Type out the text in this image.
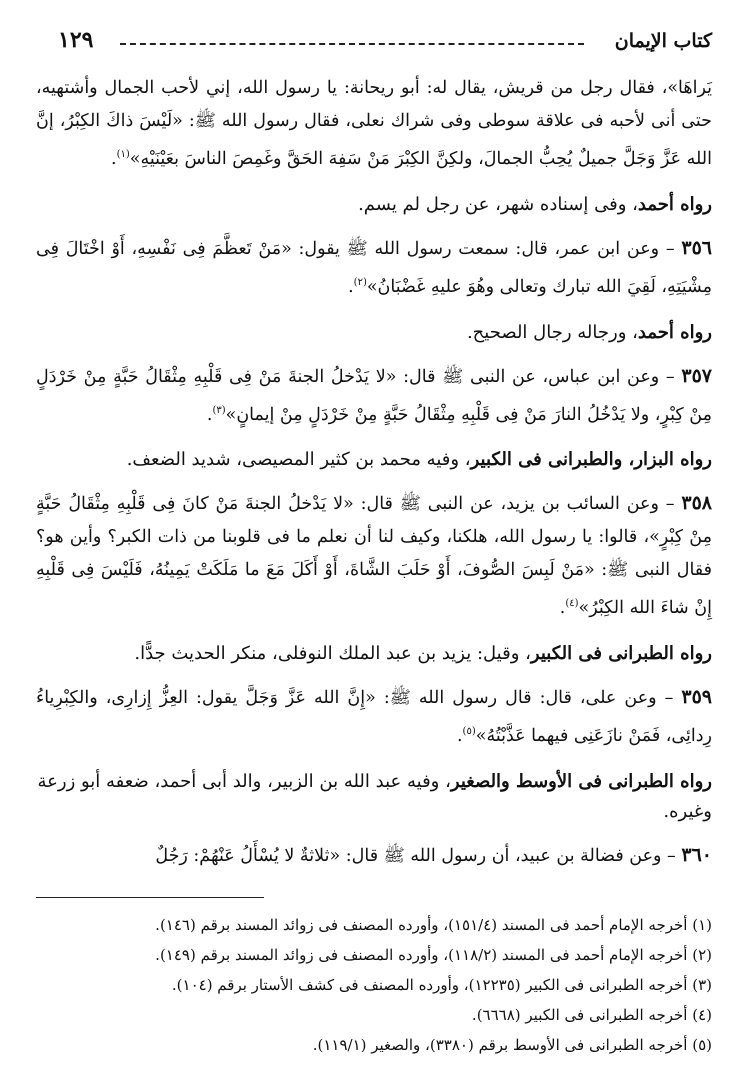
كتاب الإيمان
١٢٩

يَراهَا»، فقال رجل من قريش، يقال له: أبو ريحانة: يا رسول الله، إني لأحب الجمال وأشتهيه، حتى أنى لأحبه فى علاقة سوطى وفى شراك نعلى، فقال رسول الله ﷺ: «لَيْسَ ذاكَ الكِبْرُ، إنَّ الله عَزَّ وَجَلَّ جميلٌ يُحِبُّ الجمالَ، ولكِنَّ الكِبْرَ مَنْ سَفِهَ الحَقَّ وغَمِصَ الناسَ بعَيْنَيْهِ»$^{(١)}$.

رواه أحمد، وفى إسناده شهر، عن رجل لم يسم.

٣٥٦ – وعن ابن عمر، قال: سمعت رسول الله ﷺ يقول: «مَنْ تَعظَّمَ فِى نَفْسِهِ، أَوْ اخْتَالَ فِى مِشْيَتِهِ، لَقِيَ الله تبارك وتعالى وهُوَ عليهِ غَضْبَانُ»$^{(٢)}$.

رواه أحمد، ورجاله رجال الصحيح.

٣٥٧ – وعن ابن عباس، عن النبى ﷺ قال: «لا يَدْخلُ الجنةَ مَنْ فِى قَلْبِهِ مِثْقَالُ حَبَّةٍ مِنْ خَرْدَلٍ مِنْ كِبْرٍ، ولا يَدْخُلُ النارَ مَنْ فِى قَلْبِهِ مِثْقَالُ حَبَّةٍ مِنْ خَرْدَلٍ مِنْ إيمانٍ»$^{(٣)}$.

رواه البزار، والطبرانى فى الكبير، وفيه محمد بن كثير المصيصى، شديد الضعف.

٣٥٨ – وعن السائب بن يزيد، عن النبى ﷺ قال: «لا يَدْخلُ الجنةَ مَنْ كانَ فِى قَلْبِهِ مِثْقَالُ حَبَّةٍ مِنْ كِبْرٍ»، قالوا: يا رسول الله، هلكنا، وكيف لنا أن نعلم ما فى قلوبنا من ذات الكبر؟ وأين هو؟ فقال النبى ﷺ: «مَنْ لَبِسَ الصُّوفَ، أَوْ حَلَبَ الشَّاةَ، أَوْ أَكَلَ مَعَ ما مَلَكَتْ يَمِينُهُ، فَلَيْسَ فِى قَلْبِهِ إِنْ شاءَ الله الكِبْرُ»$^{(٤)}$.

رواه الطبرانى فى الكبير، وقيل: يزيد بن عبد الملك النوفلى، منكر الحديث جدًّا.

٣٥٩ – وعن على، قال: قال رسول الله ﷺ: «إِنَّ الله عَزَّ وَجَلَّ يقول: العِزُّ إِزارِى، والكِبْرِياءُ رِدائِى، فَمَنْ نازَعَنِى فيهما عَذَّبْتُهُ»$^{(٥)}$.

رواه الطبرانى فى الأوسط والصغير، وفيه عبد الله بن الزبير، والد أبى أحمد، ضعفه أبو زرعة وغيره.

٣٦٠ – وعن فضالة بن عبيد، أن رسول الله ﷺ قال: «ثلاثةٌ لا يُسْأَلُ عَنْهُمْ: رَجُلٌ

(١) أخرجه الإمام أحمد فى المسند (١٥١/٤)، وأورده المصنف فى زوائد المسند برقم (١٤٦).
(٢) أخرجه الإمام أحمد فى المسند (١١٨/٢)، وأورده المصنف فى زوائد المسند برقم (١٤٩).
(٣) أخرجه الطبرانى فى الكبير (١٢٢٣٥)، وأورده المصنف فى كشف الأستار برقم (١٠٤).
(٤) أخرجه الطبرانى فى الكبير (٦٦٦٨).
(٥) أخرجه الطبرانى فى الأوسط برقم (٣٣٨٠)، والصغير (١١٩/١).
